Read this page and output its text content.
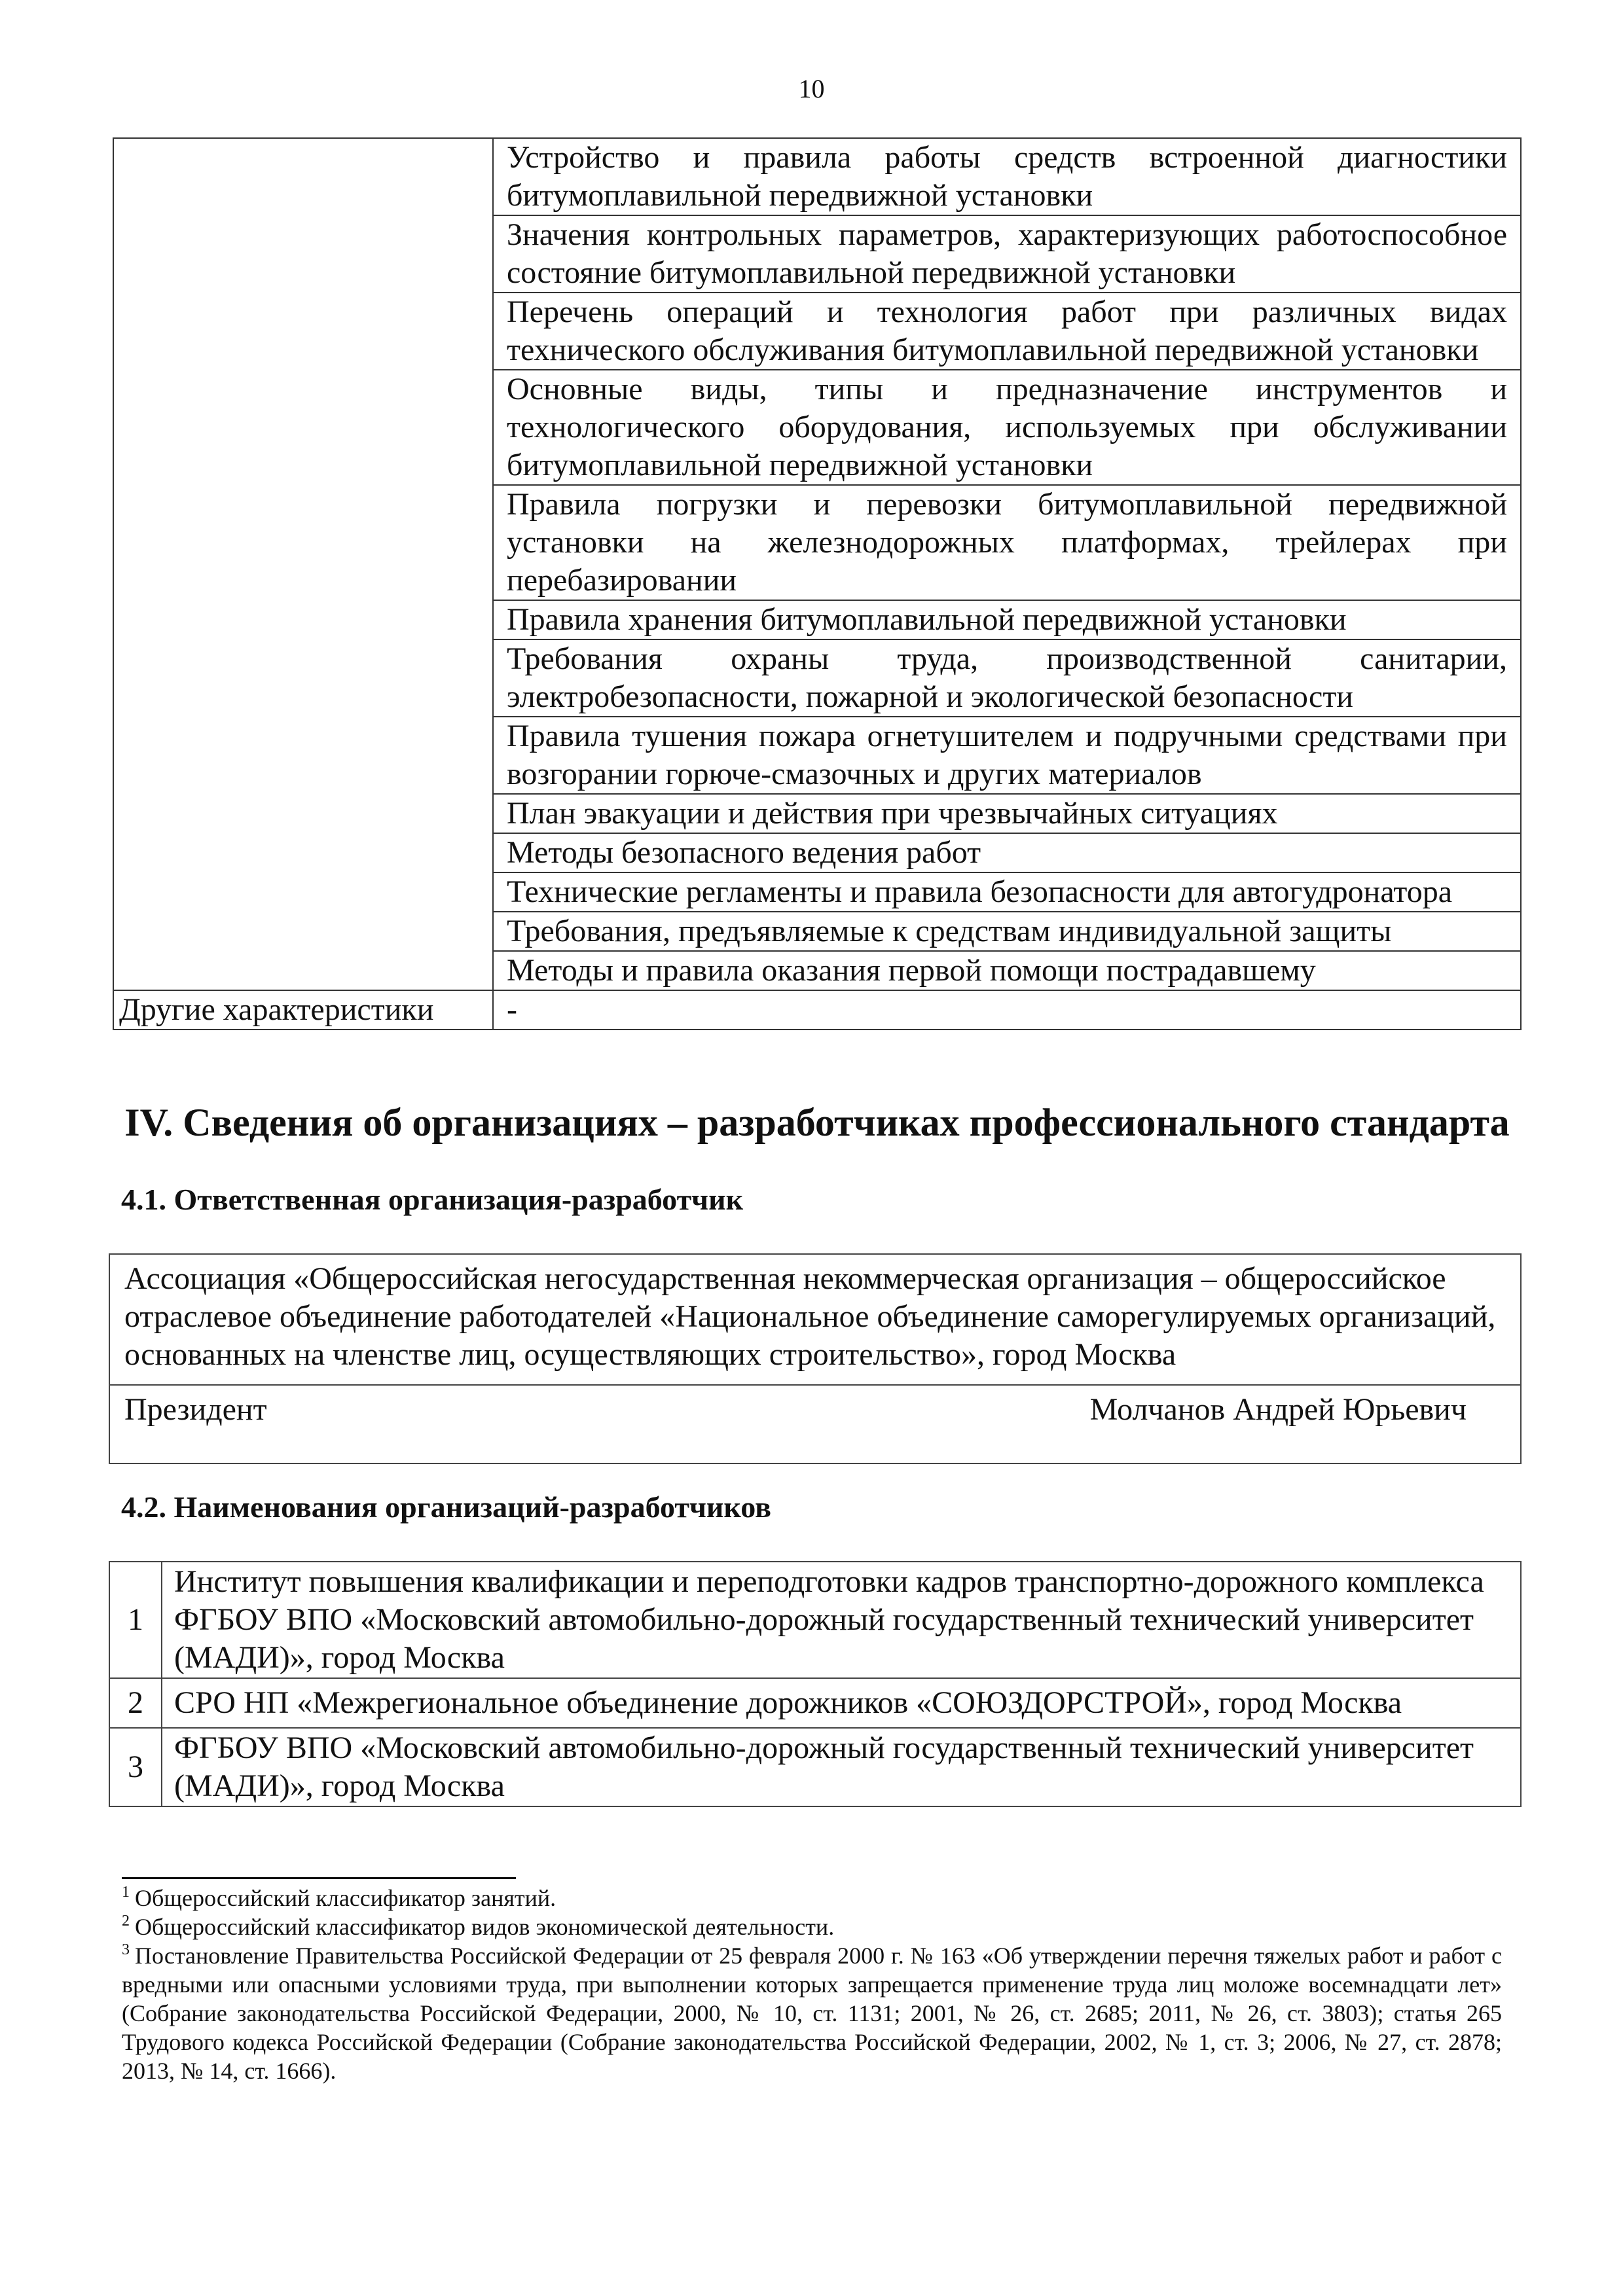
10
	Устройство и правила работы средств встроенной диагностики битумоплавильной передвижной установки
	Значения контрольных параметров, характеризующих работоспособное состояние битумоплавильной передвижной установки
	Перечень операций и технология работ при различных видах технического обслуживания битумоплавильной передвижной установки
	Основные виды, типы и предназначение инструментов и технологического оборудования, используемых при обслуживании битумоплавильной передвижной установки
	Правила погрузки и перевозки битумоплавильной передвижной установки на железнодорожных платформах, трейлерах при перебазировании
	Правила хранения битумоплавильной передвижной установки
	Требования охраны труда, производственной санитарии, электробезопасности, пожарной и экологической безопасности
	Правила тушения пожара огнетушителем и подручными средствами при возгорании горюче-смазочных и других материалов
	План эвакуации и действия при чрезвычайных ситуациях
	Методы безопасного ведения работ
	Технические регламенты и правила безопасности для автогудронатора
	Требования, предъявляемые к средствам индивидуальной защиты
	Методы и правила оказания первой помощи пострадавшему
Другие характеристики	-
IV. Сведения об организациях – разработчиках профессионального стандарта
4.1. Ответственная организация-разработчик
Ассоциация «Общероссийская негосударственная некоммерческая организация – общероссийское отраслевое объединение работодателей «Национальное объединение саморегулируемых организаций, основанных на членстве лиц, осуществляющих строительство», город Москва

Президент	Молчанов Андрей Юрьевич
4.2. Наименования организаций-разработчиков
1	Институт повышения квалификации и переподготовки кадров транспортно-дорожного комплекса ФГБОУ ВПО «Московский автомобильно-дорожный государственный технический университет (МАДИ)», город Москва
2	СРО НП «Межрегиональное объединение дорожников «СОЮЗДОРСТРОЙ», город Москва
3	ФГБОУ ВПО «Московский автомобильно-дорожный государственный технический университет (МАДИ)», город Москва

$^1$ Общероссийский классификатор занятий.

$^2$ Общероссийский классификатор видов экономической деятельности.

$^3$ Постановление Правительства Российской Федерации от 25 февраля 2000 г. № 163 «Об утверждении перечня тяжелых работ и работ с вредными или опасными условиями труда, при выполнении которых запрещается применение труда лиц моложе восемнадцати лет» (Собрание законодательства Российской Федерации, 2000, № 10, ст. 1131; 2001, № 26, ст. 2685; 2011, № 26, ст. 3803); статья 265 Трудового кодекса Российской Федерации (Собрание законодательства Российской Федерации, 2002, № 1, ст. 3; 2006, № 27, ст. 2878; 2013, № 14, ст. 1666).
